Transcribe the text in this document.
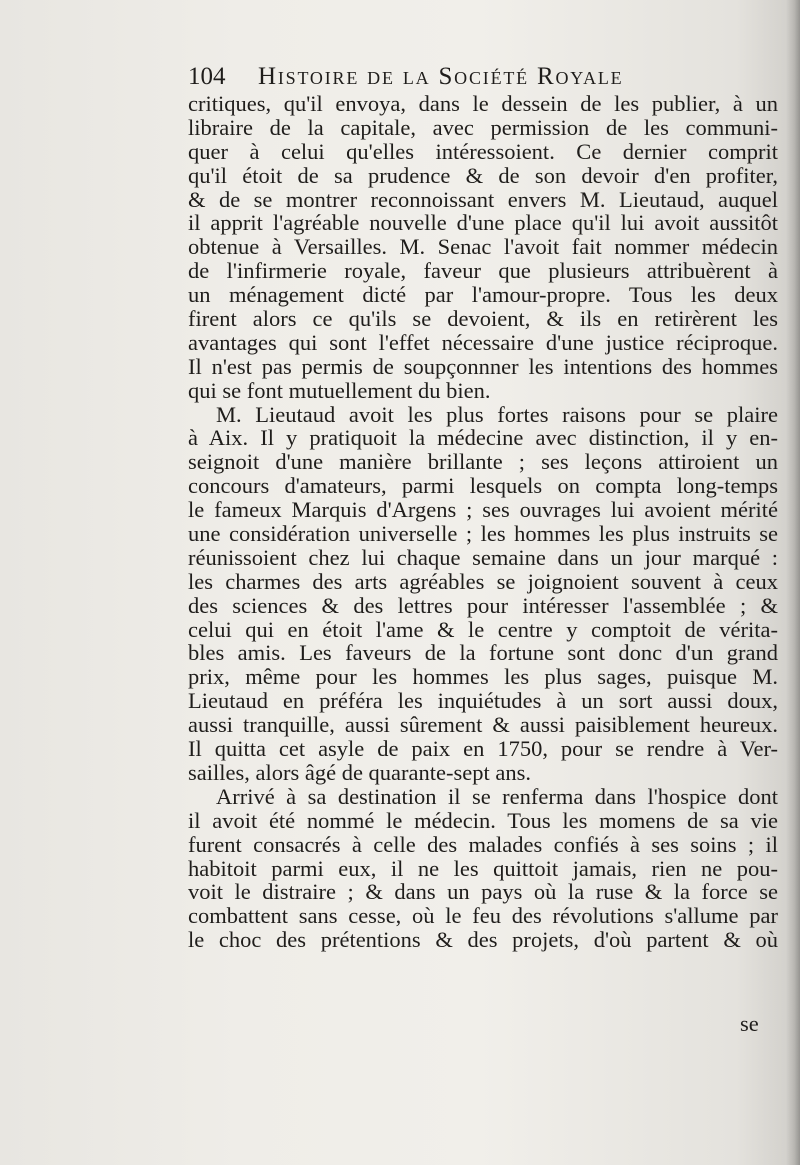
104 Histoire de la Société Royale
critiques, qu'il envoya, dans le dessein de les publier, à un
libraire de la capitale, avec permission de les communi-
quer à celui qu'elles intéressoient. Ce dernier comprit
qu'il étoit de sa prudence & de son devoir d'en profiter,
& de se montrer reconnoissant envers M. Lieutaud, auquel
il apprit l'agréable nouvelle d'une place qu'il lui avoit aussitôt
obtenue à Versailles. M. Senac l'avoit fait nommer médecin
de l'infirmerie royale, faveur que plusieurs attribuèrent à
un ménagement dicté par l'amour-propre. Tous les deux
firent alors ce qu'ils se devoient, & ils en retirèrent les
avantages qui sont l'effet nécessaire d'une justice réciproque.
Il n'est pas permis de soupçonnner les intentions des hommes
qui se font mutuellement du bien.
M. Lieutaud avoit les plus fortes raisons pour se plaire
à Aix. Il y pratiquoit la médecine avec distinction, il y en-
seignoit d'une manière brillante ; ses leçons attiroient un
concours d'amateurs, parmi lesquels on compta long-temps
le fameux Marquis d'Argens ; ses ouvrages lui avoient mérité
une considération universelle ; les hommes les plus instruits se
réunissoient chez lui chaque semaine dans un jour marqué :
les charmes des arts agréables se joignoient souvent à ceux
des sciences & des lettres pour intéresser l'assemblée ; &
celui qui en étoit l'ame & le centre y comptoit de vérita-
bles amis. Les faveurs de la fortune sont donc d'un grand
prix, même pour les hommes les plus sages, puisque M.
Lieutaud en préféra les inquiétudes à un sort aussi doux,
aussi tranquille, aussi sûrement & aussi paisiblement heureux.
Il quitta cet asyle de paix en 1750, pour se rendre à Ver-
sailles, alors âgé de quarante-sept ans.
Arrivé à sa destination il se renferma dans l'hospice dont
il avoit été nommé le médecin. Tous les momens de sa vie
furent consacrés à celle des malades confiés à ses soins ; il
habitoit parmi eux, il ne les quittoit jamais, rien ne pou-
voit le distraire ; & dans un pays où la ruse & la force se
combattent sans cesse, où le feu des révolutions s'allume par
le choc des prétentions & des projets, d'où partent & où
se
